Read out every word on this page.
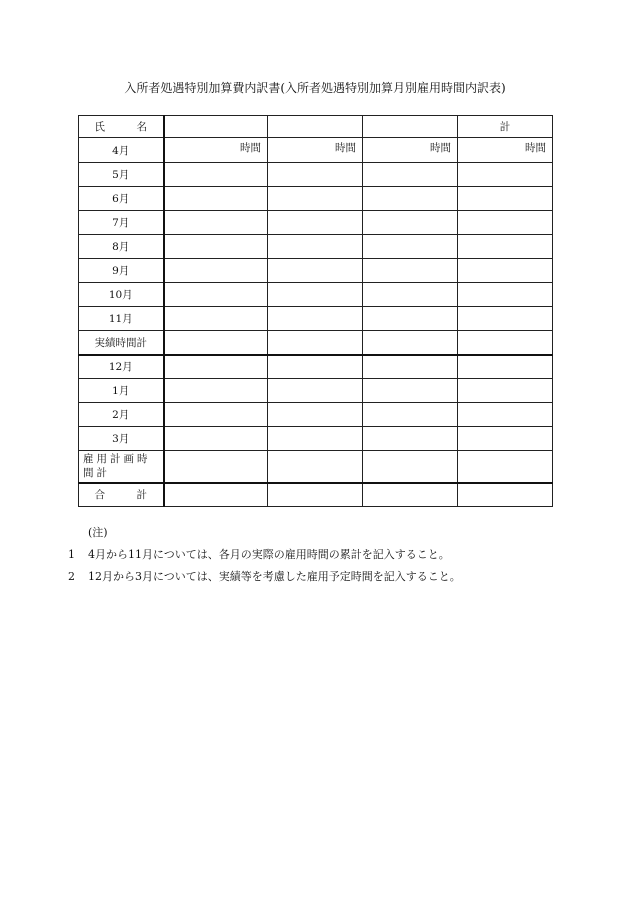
入所者処遇特別加算費内訳書(入所者処遇特別加算月別雇用時間内訳表)
氏　　　名				計
4月	時間	時間	時間	時間
5月				
6月				
7月				
8月				
9月				
10月				
11月				
実績時間計				
12月				
1月				
2月				
3月				
雇用計画時間計				
合　　　計				
(注)
1 4月から11月については、各月の実際の雇用時間の累計を記入すること。
2 12月から3月については、実績等を考慮した雇用予定時間を記入すること。
